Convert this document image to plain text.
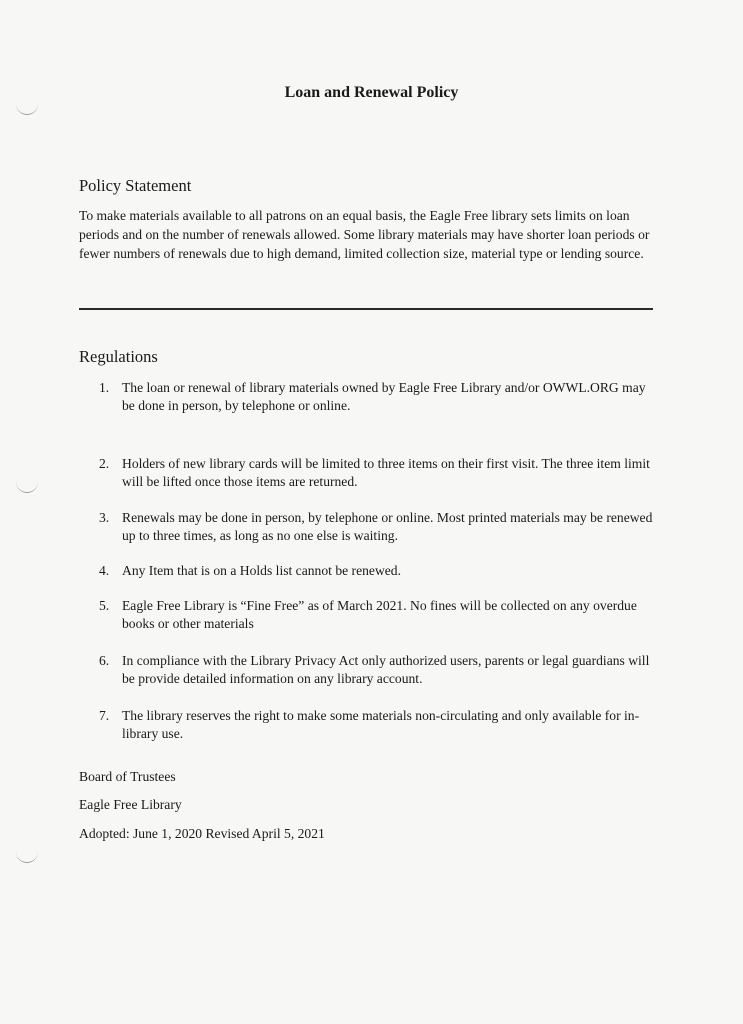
Loan and Renewal Policy
Policy Statement

To make materials available to all patrons on an equal basis, the Eagle Free library sets limits on loan periods and on the number of renewals allowed. Some library materials may have shorter loan periods or fewer numbers of renewals due to high demand, limited collection size, material type or lending source.

Regulations
1. The loan or renewal of library materials owned by Eagle Free Library and/or OWWL.ORG may be done in person, by telephone or online.
2. Holders of new library cards will be limited to three items on their first visit. The three item limit will be lifted once those items are returned.
3. Renewals may be done in person, by telephone or online. Most printed materials may be renewed up to three times, as long as no one else is waiting.
4. Any Item that is on a Holds list cannot be renewed.
5. Eagle Free Library is “Fine Free” as of March 2021. No fines will be collected on any overdue books or other materials
6. In compliance with the Library Privacy Act only authorized users, parents or legal guardians will be provide detailed information on any library account.
7. The library reserves the right to make some materials non-circulating and only available for in-library use.
Board of Trustees
Eagle Free Library
Adopted: June 1, 2020 Revised April 5, 2021
